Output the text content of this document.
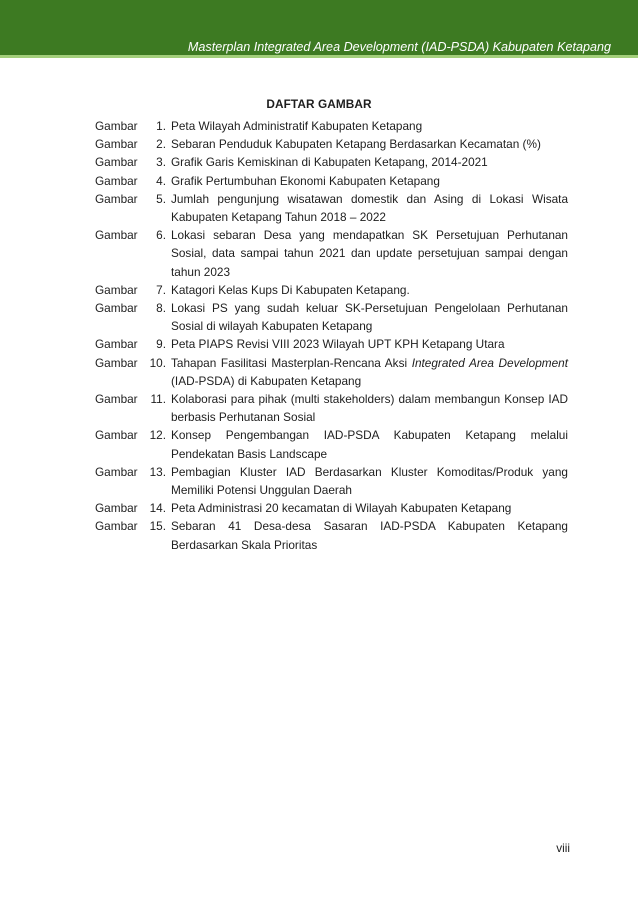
Masterplan Integrated Area Development (IAD-PSDA) Kabupaten Ketapang
DAFTAR GAMBAR
Gambar	1. Peta Wilayah Administratif Kabupaten Ketapang
Gambar	2. Sebaran Penduduk Kabupaten Ketapang Berdasarkan Kecamatan (%)
Gambar	3. Grafik Garis Kemiskinan di Kabupaten Ketapang, 2014-2021
Gambar	4. Grafik Pertumbuhan Ekonomi Kabupaten Ketapang
Gambar	5. Jumlah pengunjung wisatawan domestik dan Asing di Lokasi Wisata Kabupaten Ketapang Tahun 2018 – 2022
Gambar	6. Lokasi sebaran Desa yang mendapatkan SK Persetujuan Perhutanan Sosial, data sampai tahun 2021 dan update persetujuan sampai dengan tahun 2023
Gambar	7. Katagori Kelas Kups Di Kabupaten Ketapang.
Gambar	8. Lokasi PS yang sudah keluar SK-Persetujuan Pengelolaan Perhutanan Sosial di wilayah Kabupaten Ketapang
Gambar	9. Peta PIAPS Revisi VIII 2023 Wilayah UPT KPH Ketapang Utara
Gambar	10. Tahapan Fasilitasi Masterplan-Rencana Aksi Integrated Area Development (IAD-PSDA) di Kabupaten Ketapang
Gambar	11. Kolaborasi para pihak (multi stakeholders) dalam membangun Konsep IAD berbasis Perhutanan Sosial
Gambar	12. Konsep Pengembangan IAD-PSDA Kabupaten Ketapang melalui Pendekatan Basis Landscape
Gambar	13. Pembagian Kluster IAD Berdasarkan Kluster Komoditas/Produk yang Memiliki Potensi Unggulan Daerah
Gambar	14. Peta Administrasi 20 kecamatan di Wilayah Kabupaten Ketapang
Gambar	15. Sebaran 41 Desa-desa Sasaran IAD-PSDA Kabupaten Ketapang Berdasarkan Skala Prioritas
viii
